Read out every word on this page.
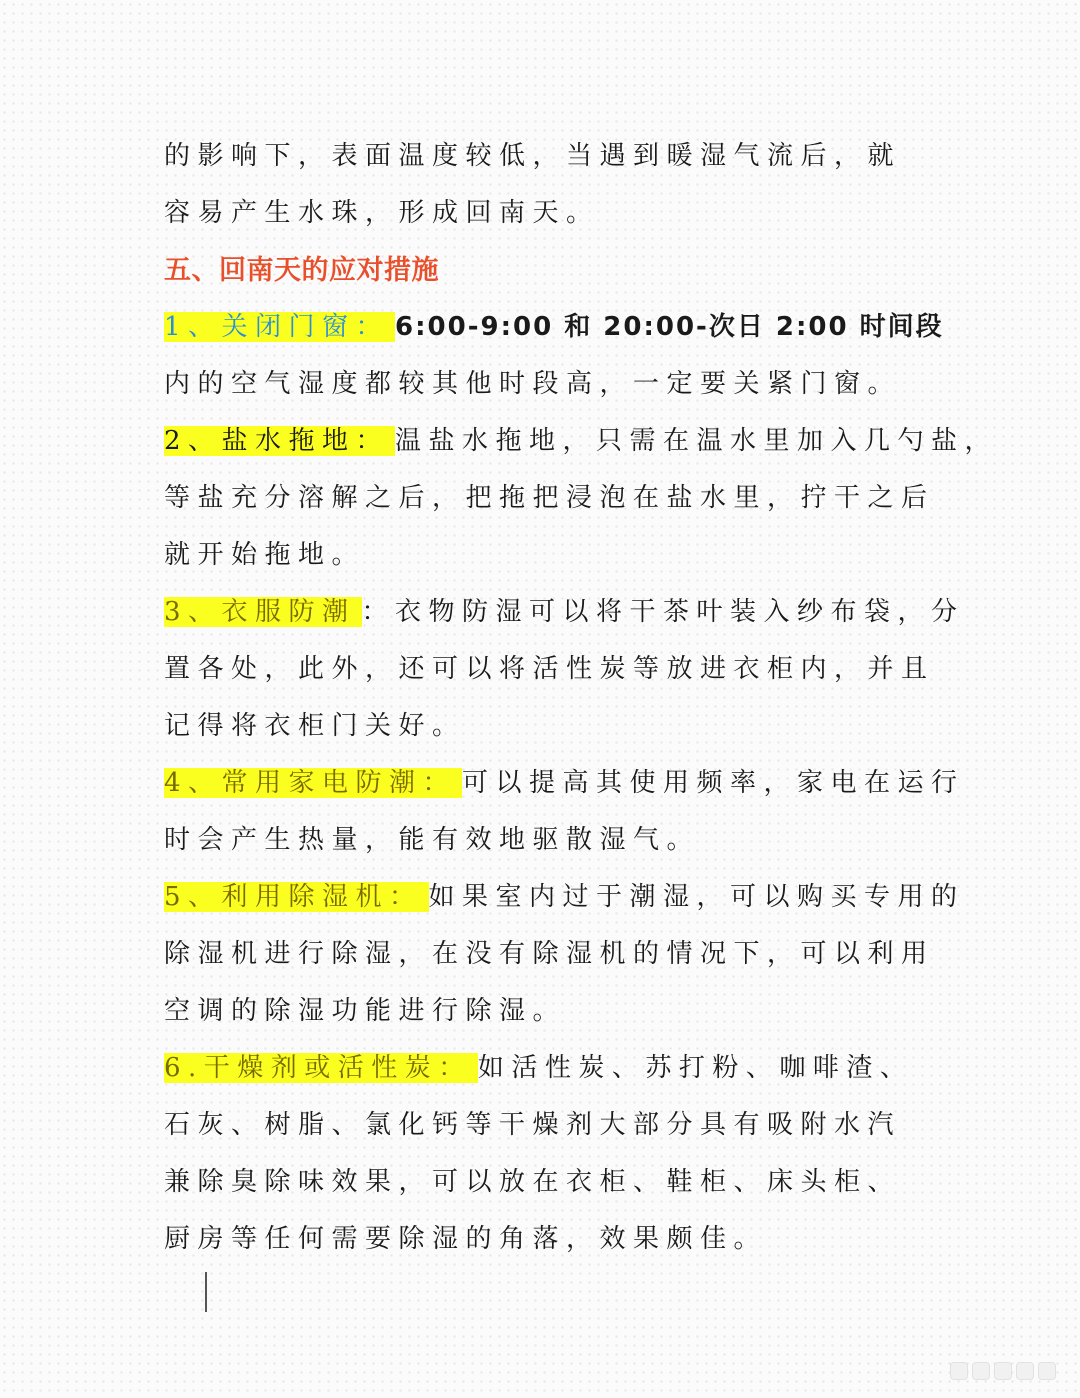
的影响下，表面温度较低，当遇到暖湿气流后，就
容易产生水珠，形成回南天。
五、回南天的应对措施
1、关闭门窗： 6:00-9:00 和 20:00-次日 2:00 时间段
内的空气湿度都较其他时段高，一定要关紧门窗。
2、盐水拖地： 温盐水拖地，只需在温水里加入几勺盐，
等盐充分溶解之后，把拖把浸泡在盐水里，拧干之后
就开始拖地。
3、衣服防潮 ：衣物防湿可以将干茶叶装入纱布袋，分
置各处，此外，还可以将活性炭等放进衣柜内，并且
记得将衣柜门关好。
4、常用家电防潮： 可以提高其使用频率，家电在运行
时会产生热量，能有效地驱散湿气。
5、利用除湿机： 如果室内过于潮湿，可以购买专用的
除湿机进行除湿，在没有除湿机的情况下，可以利用
空调的除湿功能进行除湿。
6.干燥剂或活性炭： 如活性炭、苏打粉、咖啡渣、
石灰、树脂、氯化钙等干燥剂大部分具有吸附水汽
兼除臭除味效果，可以放在衣柜、鞋柜、床头柜、
厨房等任何需要除湿的角落，效果颇佳。
